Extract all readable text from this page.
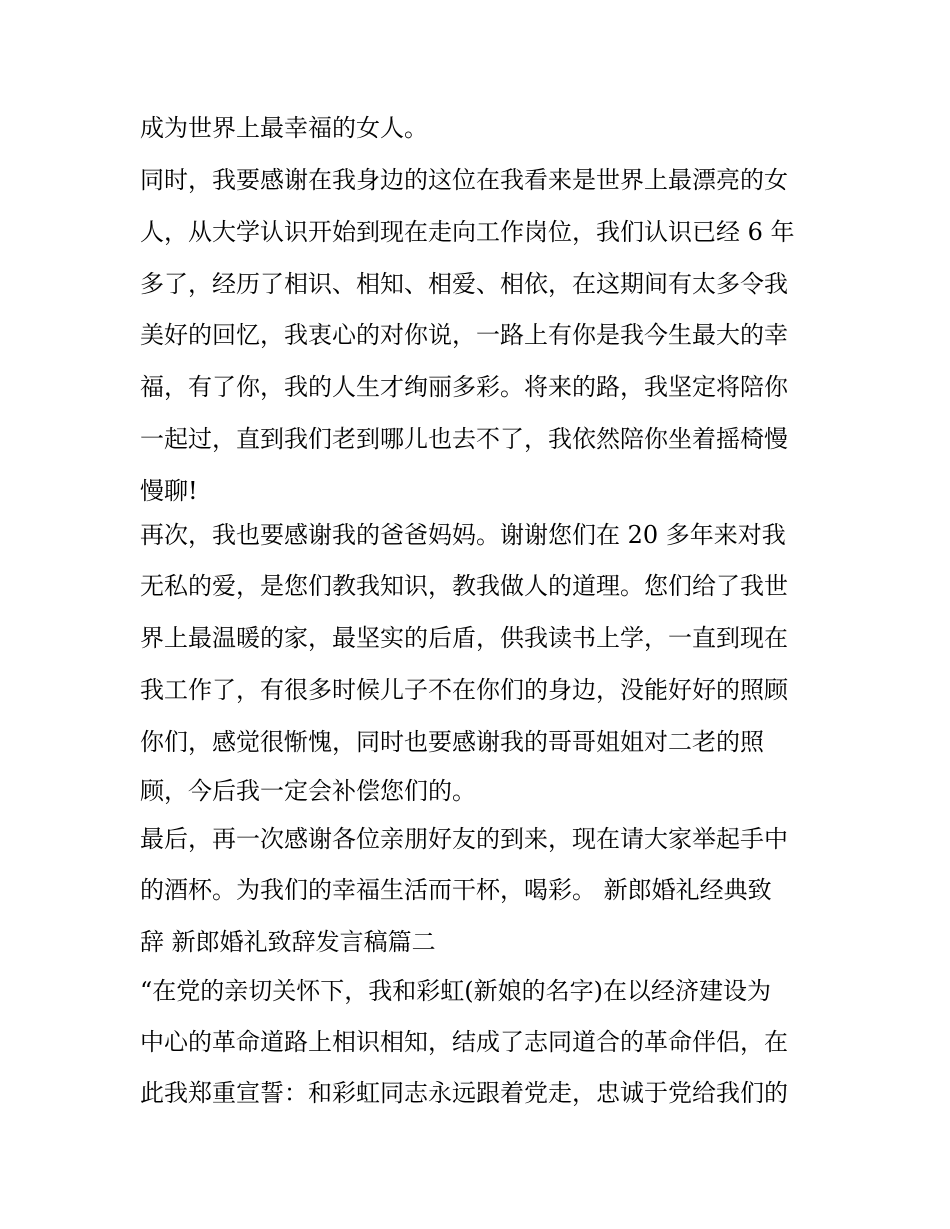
成为世界上最幸福的女人。
同时，我要感谢在我身边的这位在我看来是世界上最漂亮的女
人，从大学认识开始到现在走向工作岗位，我们认识已经 6 年
多了，经历了相识、相知、相爱、相依，在这期间有太多令我
美好的回忆，我衷心的对你说，一路上有你是我今生最大的幸
福，有了你，我的人生才绚丽多彩。将来的路，我坚定将陪你
一起过，直到我们老到哪儿也去不了，我依然陪你坐着摇椅慢
慢聊!
再次，我也要感谢我的爸爸妈妈。谢谢您们在 20 多年来对我
无私的爱，是您们教我知识，教我做人的道理。您们给了我世
界上最温暖的家，最坚实的后盾，供我读书上学，一直到现在
我工作了，有很多时候儿子不在你们的身边，没能好好的照顾
你们，感觉很惭愧，同时也要感谢我的哥哥姐姐对二老的照
顾，今后我一定会补偿您们的。
最后，再一次感谢各位亲朋好友的到来，现在请大家举起手中
的酒杯。为我们的幸福生活而干杯，喝彩。 新郎婚礼经典致
辞 新郎婚礼致辞发言稿篇二
“在党的亲切关怀下，我和彩虹(新娘的名字)在以经济建设为
中心的革命道路上相识相知，结成了志同道合的革命伴侣，在
此我郑重宣誓：和彩虹同志永远跟着党走，忠诚于党给我们的
